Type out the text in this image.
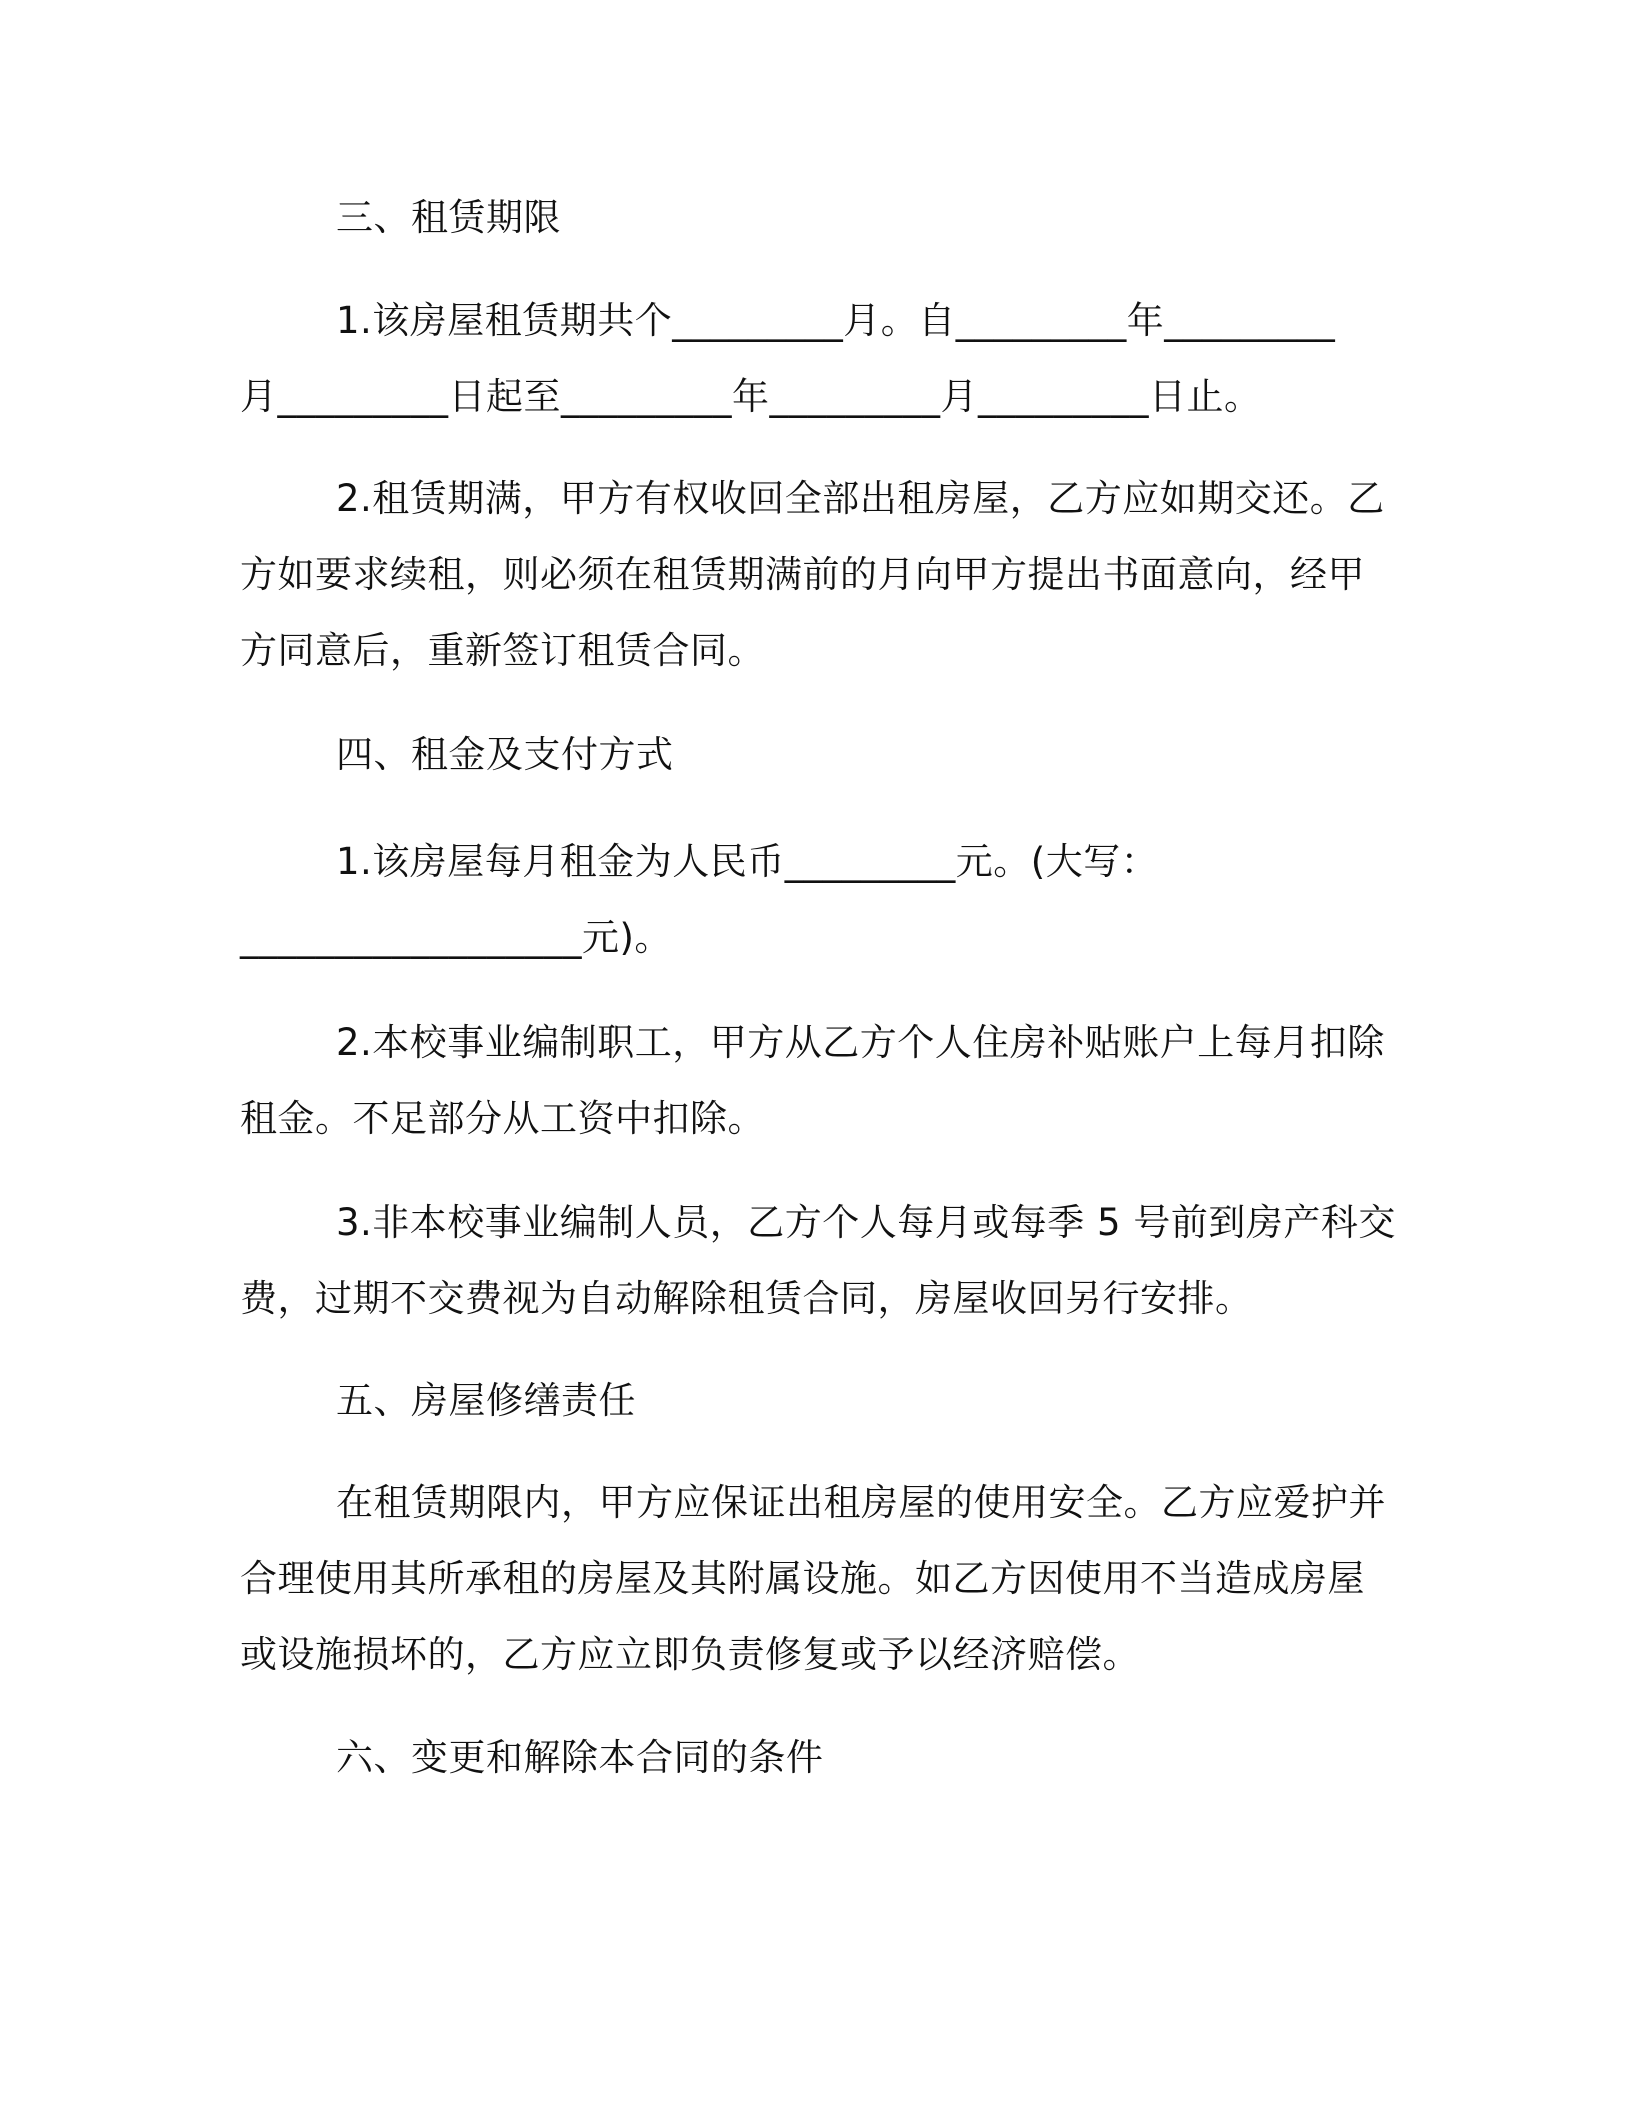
三、租赁期限
1.该房屋租赁期共个_________月。自_________年_________
月_________日起至_________年_________月_________日止。
2.租赁期满，甲方有权收回全部出租房屋，乙方应如期交还。乙
方如要求续租，则必须在租赁期满前的月向甲方提出书面意向，经甲
方同意后，重新签订租赁合同。
四、租金及支付方式
1.该房屋每月租金为人民币_________元。(大写：
__________________元)。
2.本校事业编制职工，甲方从乙方个人住房补贴账户上每月扣除
租金。不足部分从工资中扣除。
3.非本校事业编制人员，乙方个人每月或每季 5 号前到房产科交
费，过期不交费视为自动解除租赁合同，房屋收回另行安排。
五、房屋修缮责任
在租赁期限内，甲方应保证出租房屋的使用安全。乙方应爱护并
合理使用其所承租的房屋及其附属设施。如乙方因使用不当造成房屋
或设施损坏的，乙方应立即负责修复或予以经济赔偿。
六、变更和解除本合同的条件
